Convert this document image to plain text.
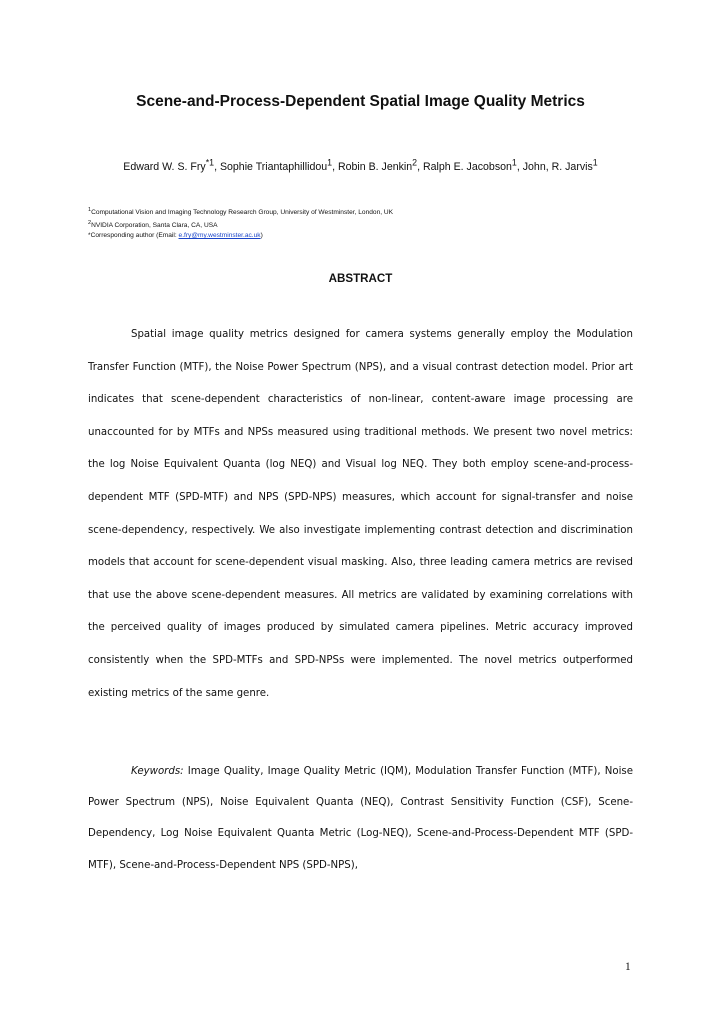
Scene-and-Process-Dependent Spatial Image Quality Metrics

Edward W. S. Fry$^{*1}$, Sophie Triantaphillidou$^1$, Robin B. Jenkin$^2$, Ralph E. Jacobson$^1$, John, R. Jarvis$^1$

$^1$Computational Vision and Imaging Technology Research Group, University of Westminster, London, UK
$^2$NVIDIA Corporation, Santa Clara, CA, USA
*Corresponding author (Email: e.fry@my.westminster.ac.uk)
ABSTRACT

Spatial image quality metrics designed for camera systems generally employ the Modulation Transfer Function (MTF), the Noise Power Spectrum (NPS), and a visual contrast detection model. Prior art indicates that scene-dependent characteristics of non-linear, content-aware image processing are unaccounted for by MTFs and NPSs measured using traditional methods. We present two novel metrics: the log Noise Equivalent Quanta (log NEQ) and Visual log NEQ. They both employ scene-and-process-dependent MTF (SPD-MTF) and NPS (SPD-NPS) measures, which account for signal-transfer and noise scene-dependency, respectively. We also investigate implementing contrast detection and discrimination models that account for scene-dependent visual masking. Also, three leading camera metrics are revised that use the above scene-dependent measures. All metrics are validated by examining correlations with the perceived quality of images produced by simulated camera pipelines. Metric accuracy improved consistently when the SPD-MTFs and SPD-NPSs were implemented. The novel metrics outperformed existing metrics of the same genre.

Keywords: Image Quality, Image Quality Metric (IQM), Modulation Transfer Function (MTF), Noise Power Spectrum (NPS), Noise Equivalent Quanta (NEQ), Contrast Sensitivity Function (CSF), Scene-Dependency, Log Noise Equivalent Quanta Metric (Log-NEQ), Scene-and-Process-Dependent MTF (SPD-MTF), Scene-and-Process-Dependent NPS (SPD-NPS),

1
